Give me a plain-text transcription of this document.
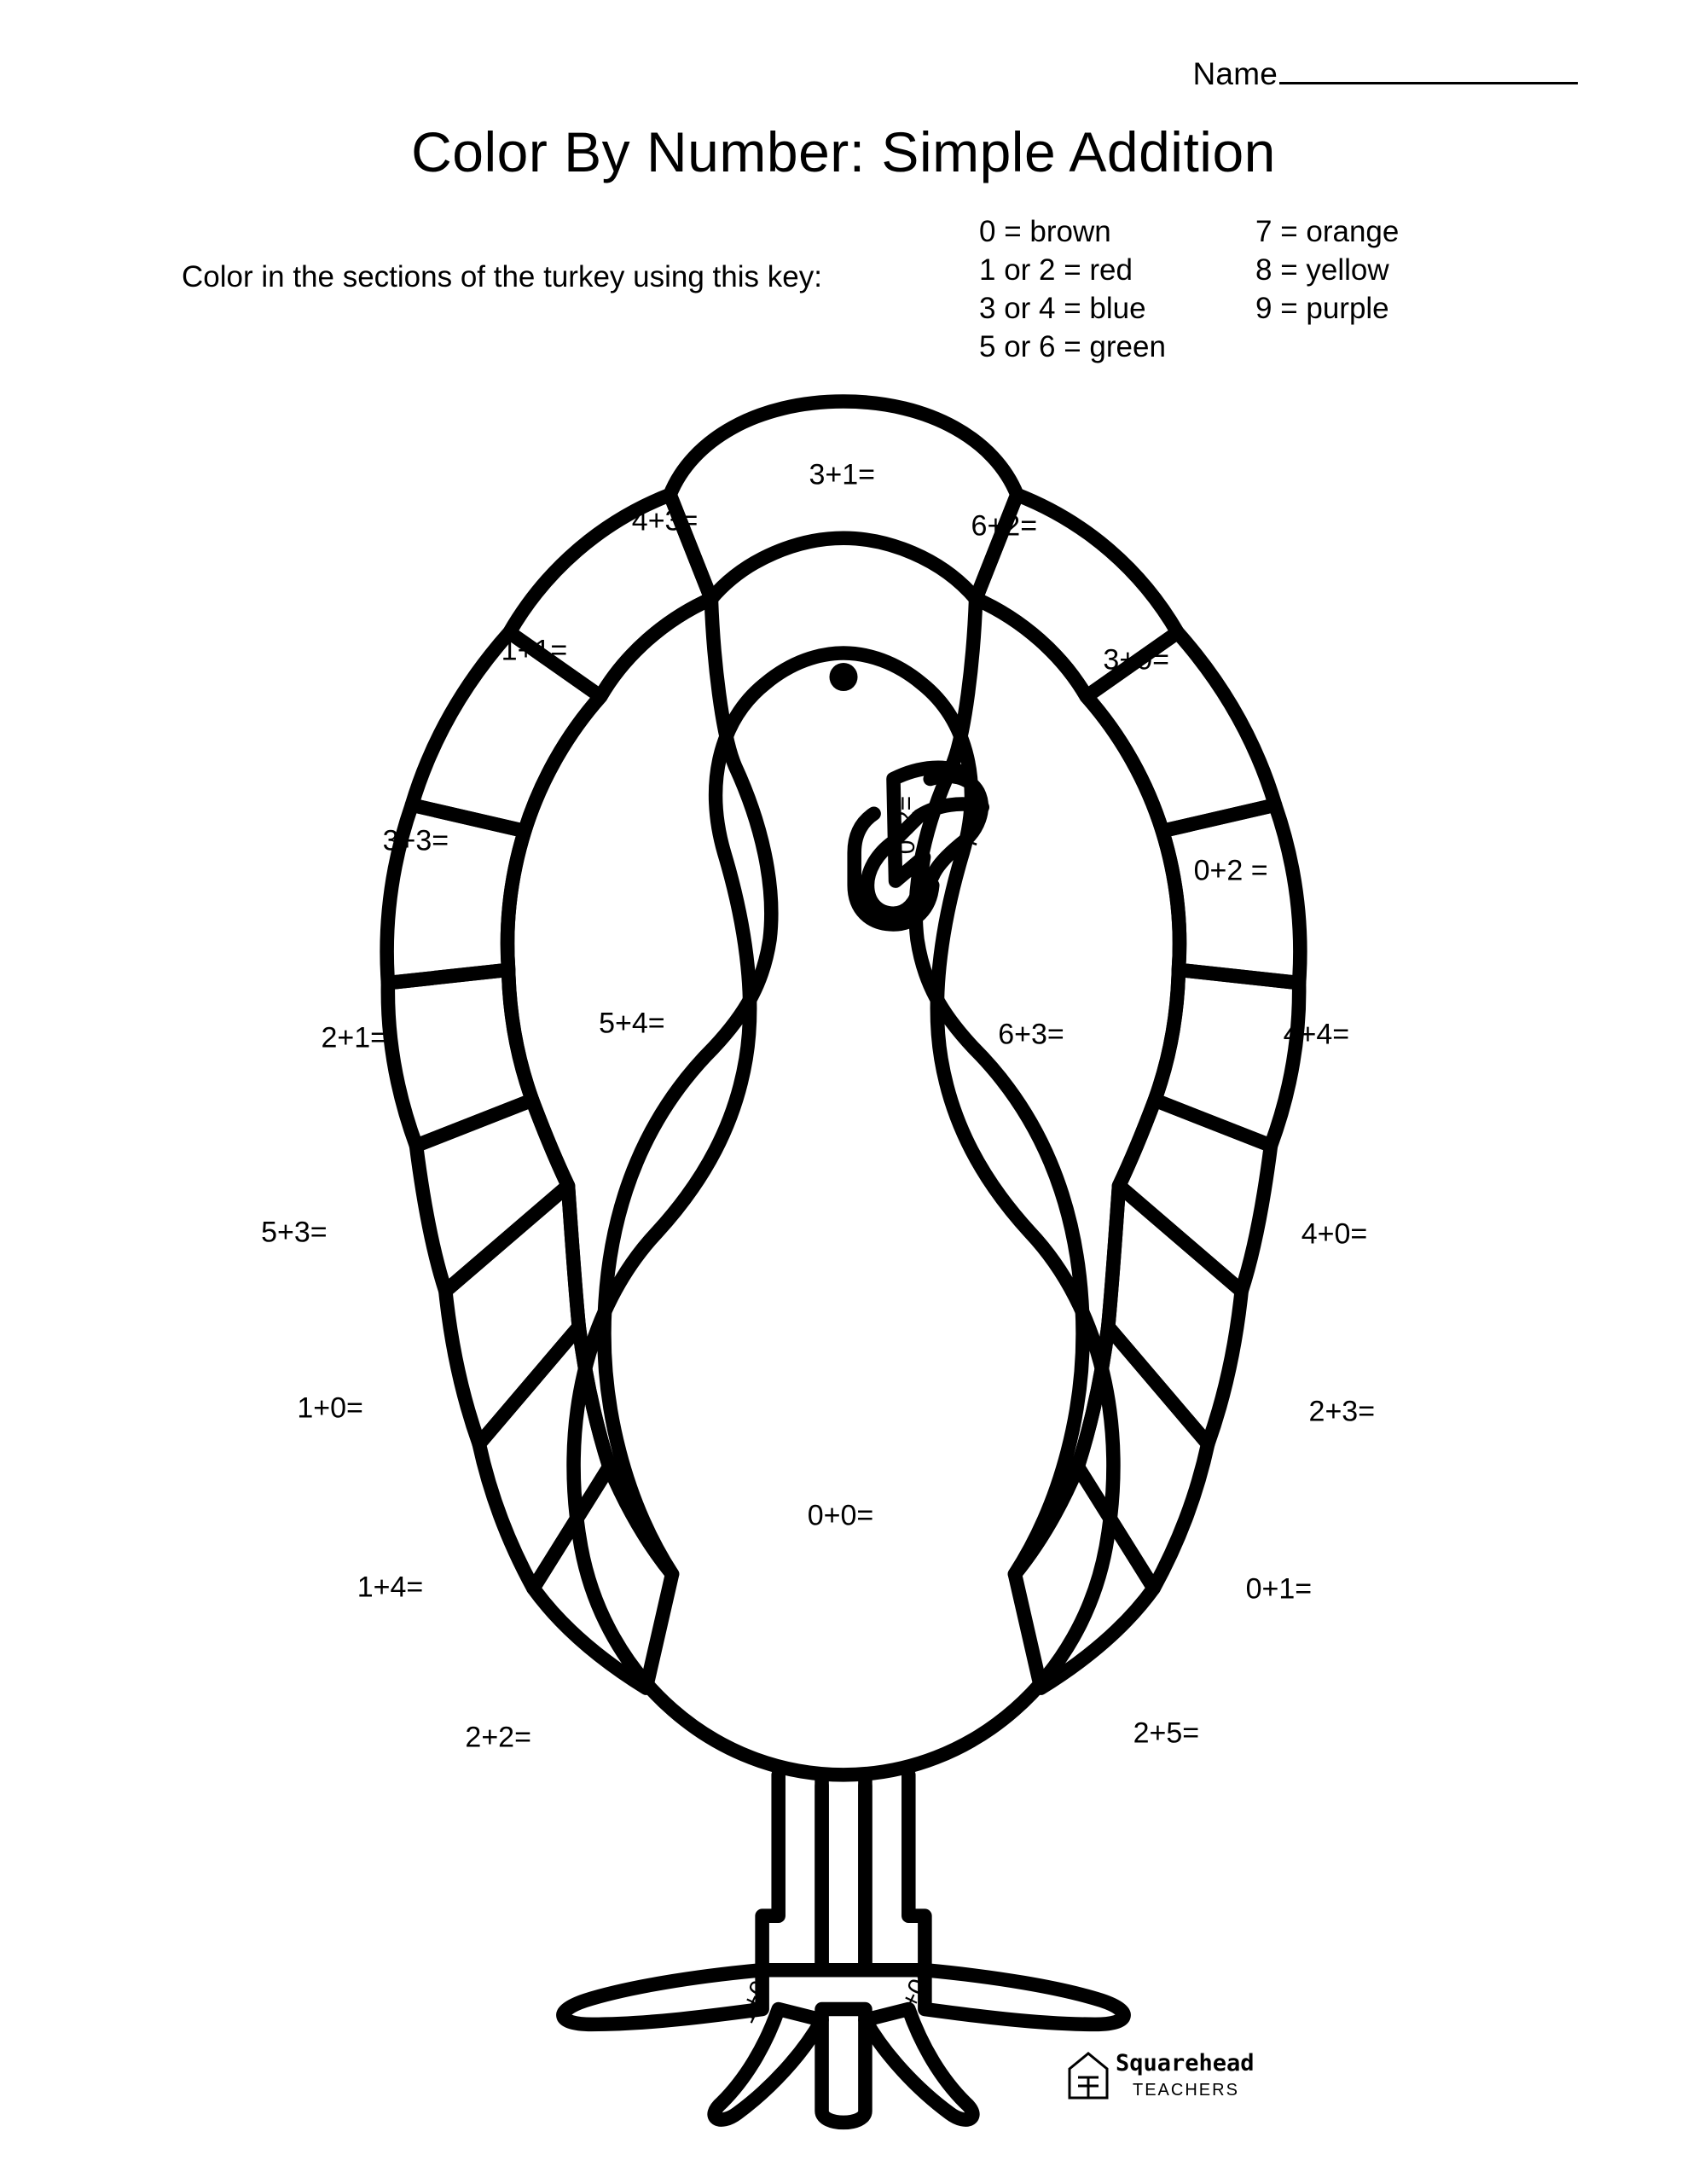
Name
Color By Number: Simple Addition
Color in the sections of the turkey using this key:
0 = brown
1 or 2 = red
3 or 4 = blue
5 or 6 = green
7 = orange
8 = yellow
9 = purple
3+1=
4+3=	6+2=
1+1=	3+0=
3+3=
0+2 =
2+1=	4+4=
5+3=	4+0=
1+0=	2+3=
1+4=	0+1=
2+2=	2+5=
5+4=	6+3=
0+0=
0+2= 7+1=
1+0=	1+0=
Squarehead
TEACHERS
